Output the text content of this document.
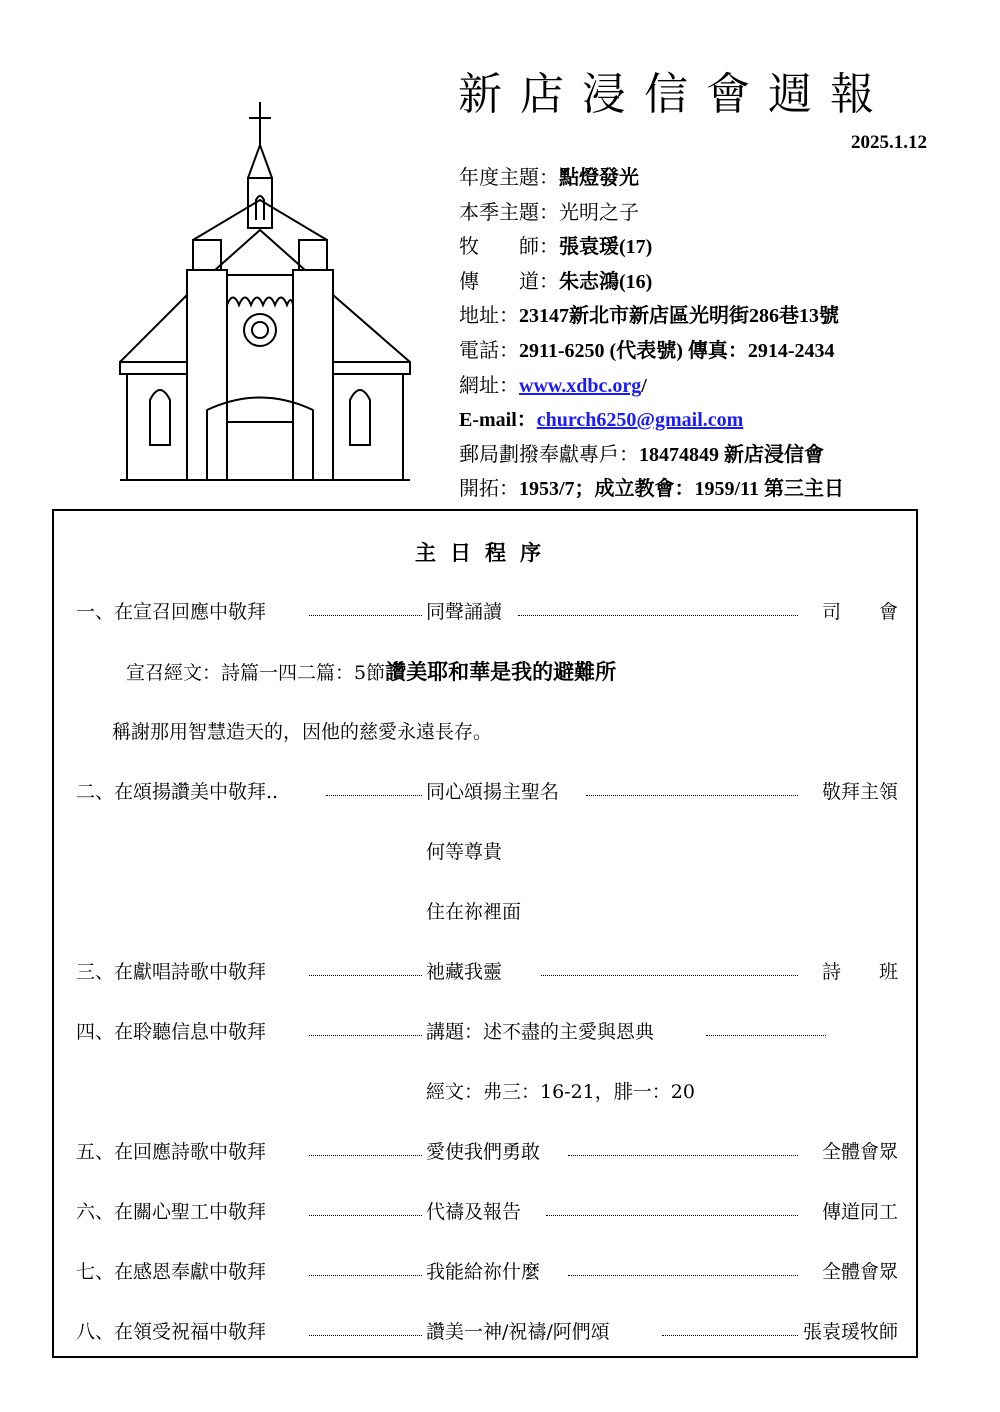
新店浸信會週報
2025.1.12
年度主題：點燈發光
本季主題：光明之子
牧　　師：張袁瑗(17)
傳　　道：朱志鴻(16)
地址：23147新北市新店區光明街286巷13號
電話：2911-6250 (代表號) 傳真：2914-2434
網址：www.xdbc.org/
E-mail：church6250@gmail.com
郵局劃撥奉獻專戶：18474849 新店浸信會
開拓：1953/7；成立教會：1959/11 第三主日
主日程序
一、在宣召回應中敬拜	同聲誦讀	司　　會
宣召經文：詩篇一四二篇：5節讚美耶和華是我的避難所
稱謝那用智慧造天的，因他的慈愛永遠長存。
二、在頌揚讚美中敬拜..	同心頌揚主聖名	敬拜主領
何等尊貴
住在祢裡面
三、在獻唱詩歌中敬拜	祂藏我靈	詩　　班
四、在聆聽信息中敬拜	講題：述不盡的主愛與恩典
經文：弗三：16-21，腓一：20
五、在回應詩歌中敬拜	愛使我們勇敢	全體會眾
六、在關心聖工中敬拜	代禱及報告	傳道同工
七、在感恩奉獻中敬拜	我能給祢什麼	全體會眾
八、在領受祝福中敬拜	讚美一神/祝禱/阿們頌	張袁瑗牧師
